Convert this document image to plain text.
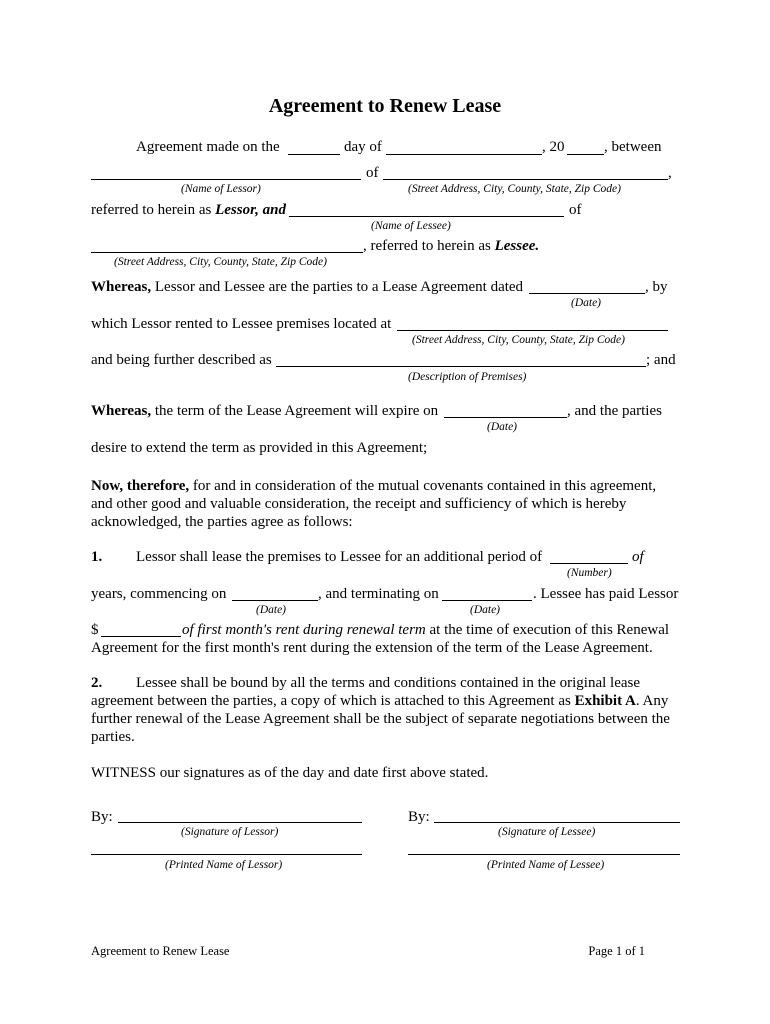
Agreement to Renew Lease
Agreement made on the	day of	, 20	, between
of	,
(Name of Lessor)	(Street Address, City, County, State, Zip Code)
referred to herein as Lessor, and	of
(Name of Lessee)
, referred to herein as Lessee.
(Street Address, City, County, State, Zip Code)
Whereas, Lessor and Lessee are the parties to a Lease Agreement dated	, by
(Date)
which Lessor rented to Lessee premises located at
(Street Address, City, County, State, Zip Code)
and being further described as	; and
(Description of Premises)
Whereas, the term of the Lease Agreement will expire on	, and the parties
(Date)
desire to extend the term as provided in this Agreement;
Now, therefore, for and in consideration of the mutual covenants contained in this agreement, and other good and valuable consideration, the receipt and sufficiency of which is hereby acknowledged, the parties agree as follows:
1. Lessor shall lease the premises to Lessee for an additional period of	of
(Number)
years, commencing on	, and terminating on	. Lessee has paid Lessor
(Date)	(Date)
$	of first month's rent during renewal term at the time of execution of this Renewal Agreement for the first month's rent during the extension of the term of the Lease Agreement.
2. Lessee shall be bound by all the terms and conditions contained in the original lease agreement between the parties, a copy of which is attached to this Agreement as Exhibit A. Any further renewal of the Lease Agreement shall be the subject of separate negotiations between the parties.
WITNESS our signatures as of the day and date first above stated.
By:
(Signature of Lessor)
By:
(Signature of Lessee)
(Printed Name of Lessor)	(Printed Name of Lessee)
Agreement to Renew Lease	Page 1 of 1
